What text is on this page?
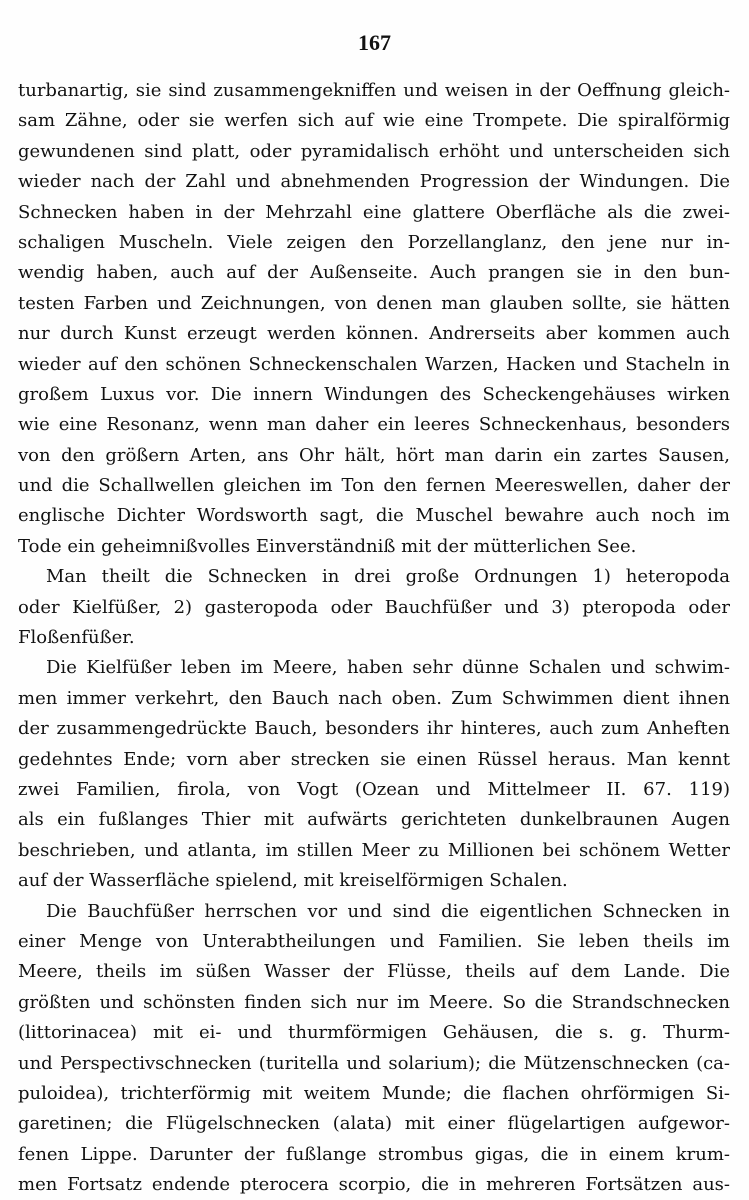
167
turbanartig, sie sind zusammengekniffen und weisen in der Oeffnung gleich-
sam Zähne, oder sie werfen sich auf wie eine Trompete. Die spiralförmig
gewundenen sind platt, oder pyramidalisch erhöht und unterscheiden sich
wieder nach der Zahl und abnehmenden Progression der Windungen. Die
Schnecken haben in der Mehrzahl eine glattere Oberfläche als die zwei-
schaligen Muscheln. Viele zeigen den Porzellanglanz, den jene nur in-
wendig haben, auch auf der Außenseite. Auch prangen sie in den bun-
testen Farben und Zeichnungen, von denen man glauben sollte, sie hätten
nur durch Kunst erzeugt werden können. Andrerseits aber kommen auch
wieder auf den schönen Schneckenschalen Warzen, Hacken und Stacheln in
großem Luxus vor. Die innern Windungen des Scheckengehäuses wirken
wie eine Resonanz, wenn man daher ein leeres Schneckenhaus, besonders
von den größern Arten, ans Ohr hält, hört man darin ein zartes Sausen,
und die Schallwellen gleichen im Ton den fernen Meereswellen, daher der
englische Dichter Wordsworth sagt, die Muschel bewahre auch noch im
Tode ein geheimnißvolles Einverständniß mit der mütterlichen See.
Man theilt die Schnecken in drei große Ordnungen 1) heteropoda
oder Kielfüßer, 2) gasteropoda oder Bauchfüßer und 3) pteropoda oder
Floßenfüßer.
Die Kielfüßer leben im Meere, haben sehr dünne Schalen und schwim-
men immer verkehrt, den Bauch nach oben. Zum Schwimmen dient ihnen
der zusammengedrückte Bauch, besonders ihr hinteres, auch zum Anheften
gedehntes Ende; vorn aber strecken sie einen Rüssel heraus. Man kennt
zwei Familien, firola, von Vogt (Ozean und Mittelmeer II. 67. 119)
als ein fußlanges Thier mit aufwärts gerichteten dunkelbraunen Augen
beschrieben, und atlanta, im stillen Meer zu Millionen bei schönem Wetter
auf der Wasserfläche spielend, mit kreiselförmigen Schalen.
Die Bauchfüßer herrschen vor und sind die eigentlichen Schnecken in
einer Menge von Unterabtheilungen und Familien. Sie leben theils im
Meere, theils im süßen Wasser der Flüsse, theils auf dem Lande. Die
größten und schönsten finden sich nur im Meere. So die Strandschnecken
(littorinacea) mit ei- und thurmförmigen Gehäusen, die s. g. Thurm-
und Perspectivschnecken (turitella und solarium); die Mützenschnecken (ca-
puloidea), trichterförmig mit weitem Munde; die flachen ohrförmigen Si-
garetinen; die Flügelschnecken (alata) mit einer flügelartigen aufgewor-
fenen Lippe. Darunter der fußlange strombus gigas, die in einem krum-
men Fortsatz endende pterocera scorpio, die in mehreren Fortsätzen aus-
